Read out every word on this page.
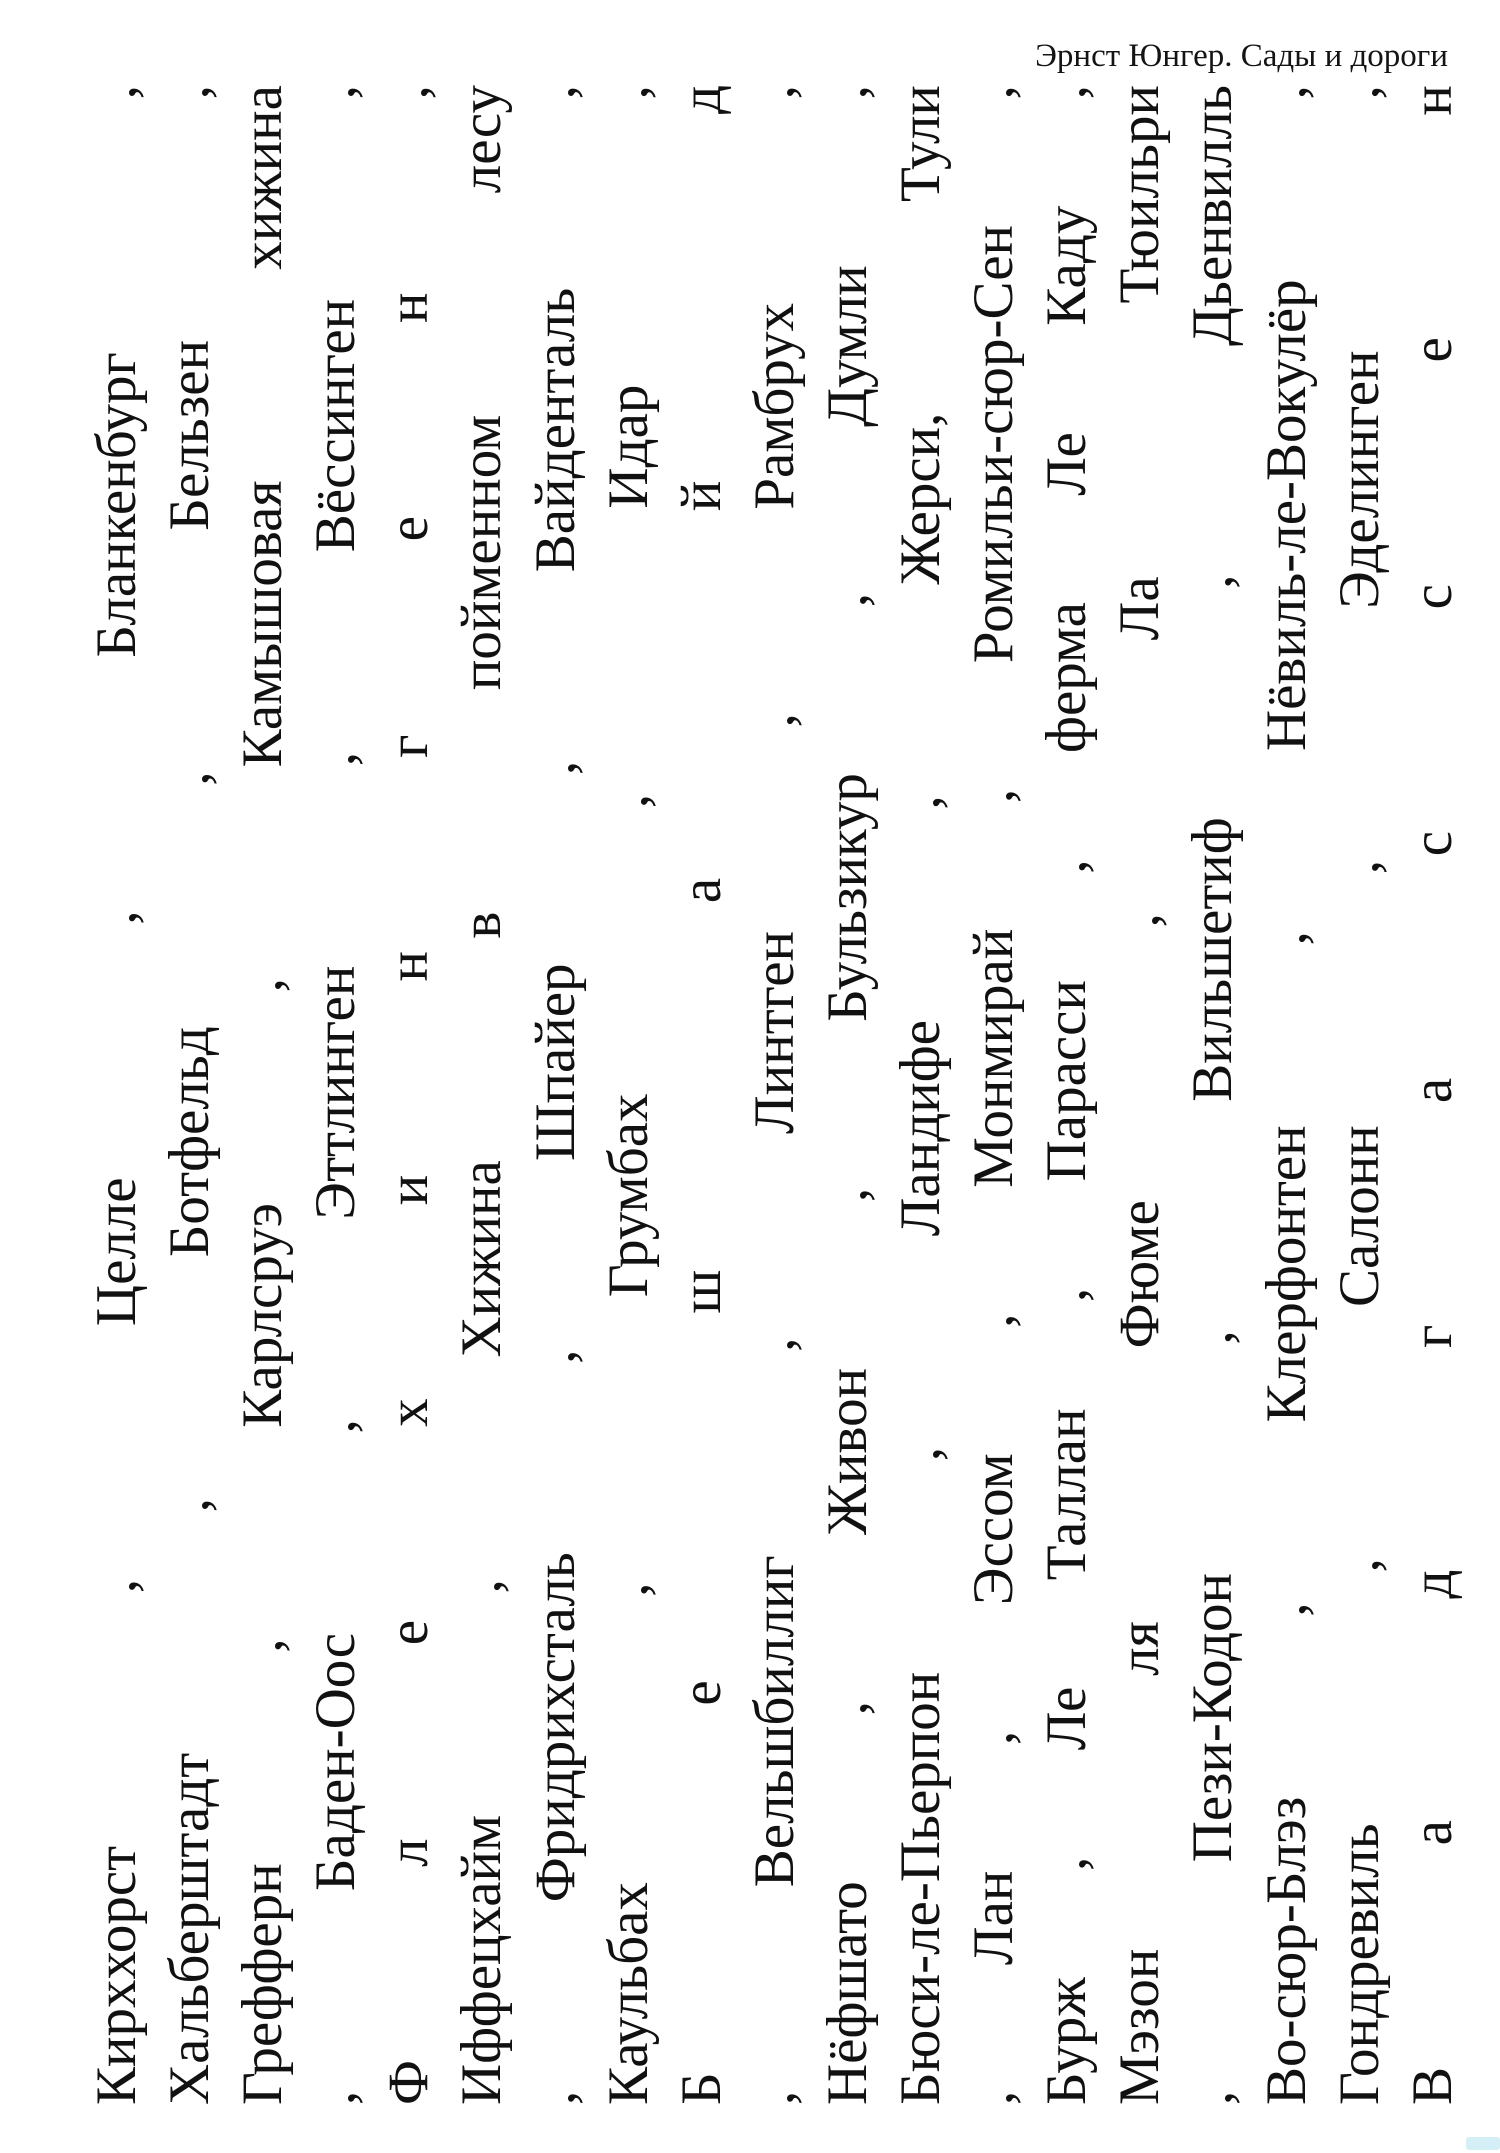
Эрнст Юнгер. Сады и дороги
Кирххорст
,
Целле
,
Бланкенбург
,
Хальберштадт
,
Ботфельд
,
Бельзен
,
Грефферн
,
Карлсруэ
,
Камышовая
хижина
,
Баден-Оос
,
Эттлинген
,
Вёссинген
,
Ф
л
е
х
и
н
г
е
н
,
Иффецхайм
,
Хижина
в
пойменном
лесу
,
Фридрихсталь
,
Шпайер
,
Вайденталь
,
Каульбах
,
Грумбах
,
Идар
,
Б
е
ш
а
й
д
,
Вельшбиллиг
,
Линтген
,
Рамбрух
,
Нёфшато
,
Живон
,
Бульзикур
,
Думли
,
Бюси-ле-Пьерпон
,
Ландифе
,
Жерси,
Тули
,
Лан
,
Эссом
,
Монмирай
,
Ромильи-сюр-Сен
,
Бурж
,
Ле
Таллан
,
Парасси
,
ферма
Ле
Каду
,
Мэзон
ля
Фюме
,
Ла
Тюильри
,
Пези-Кодон
,
Вильшетиф
,
Дьенвилль
Во-сюр-Блэз
,
Клерфонтен
,
Нёвиль-ле-Вокулёр
,
Гондревиль
,
Салонн
,
Эделинген
,
В
а
д
г
а
с
с
е
н
